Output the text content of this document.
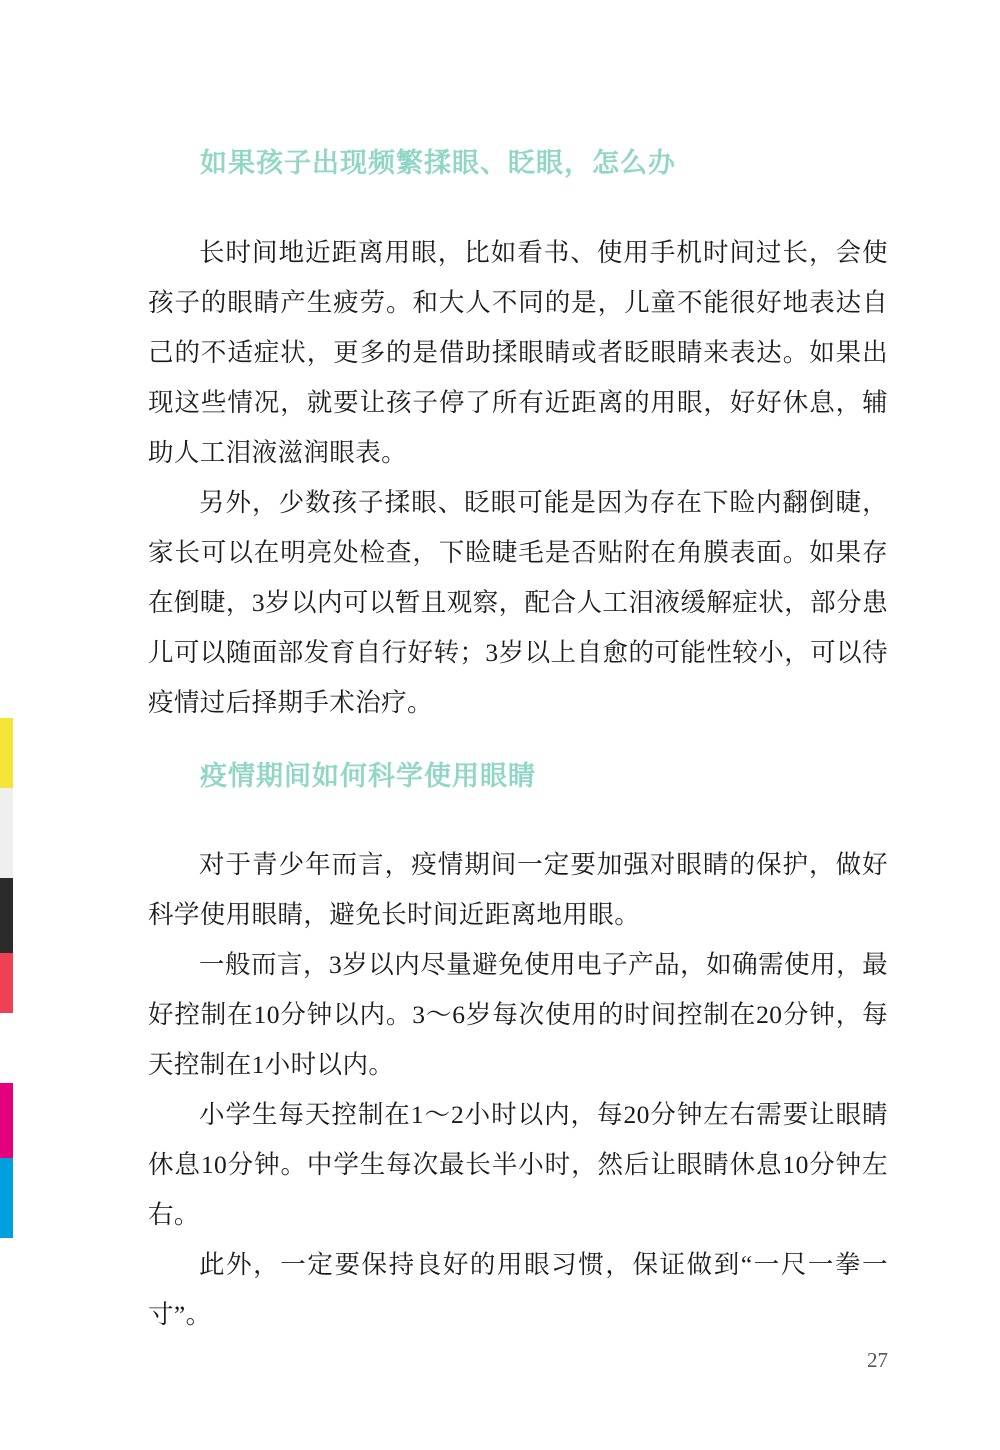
如果孩子出现频繁揉眼、眨眼，怎么办

长时间地近距离用眼，比如看书、使用手机时间过长，会使孩子的眼睛产生疲劳。和大人不同的是，儿童不能很好地表达自己的不适症状，更多的是借助揉眼睛或者眨眼睛来表达。如果出现这些情况，就要让孩子停了所有近距离的用眼，好好休息，辅助人工泪液滋润眼表。

另外，少数孩子揉眼、眨眼可能是因为存在下睑内翻倒睫，家长可以在明亮处检查，下睑睫毛是否贴附在角膜表面。如果存在倒睫，3岁以内可以暂且观察，配合人工泪液缓解症状，部分患儿可以随面部发育自行好转；3岁以上自愈的可能性较小，可以待疫情过后择期手术治疗。

疫情期间如何科学使用眼睛

对于青少年而言，疫情期间一定要加强对眼睛的保护，做好科学使用眼睛，避免长时间近距离地用眼。

一般而言，3岁以内尽量避免使用电子产品，如确需使用，最好控制在10分钟以内。3～6岁每次使用的时间控制在20分钟，每天控制在1小时以内。

小学生每天控制在1～2小时以内，每20分钟左右需要让眼睛休息10分钟。中学生每次最长半小时，然后让眼睛休息10分钟左右。

此外，一定要保持良好的用眼习惯，保证做到“一尺一拳一寸”。

27
